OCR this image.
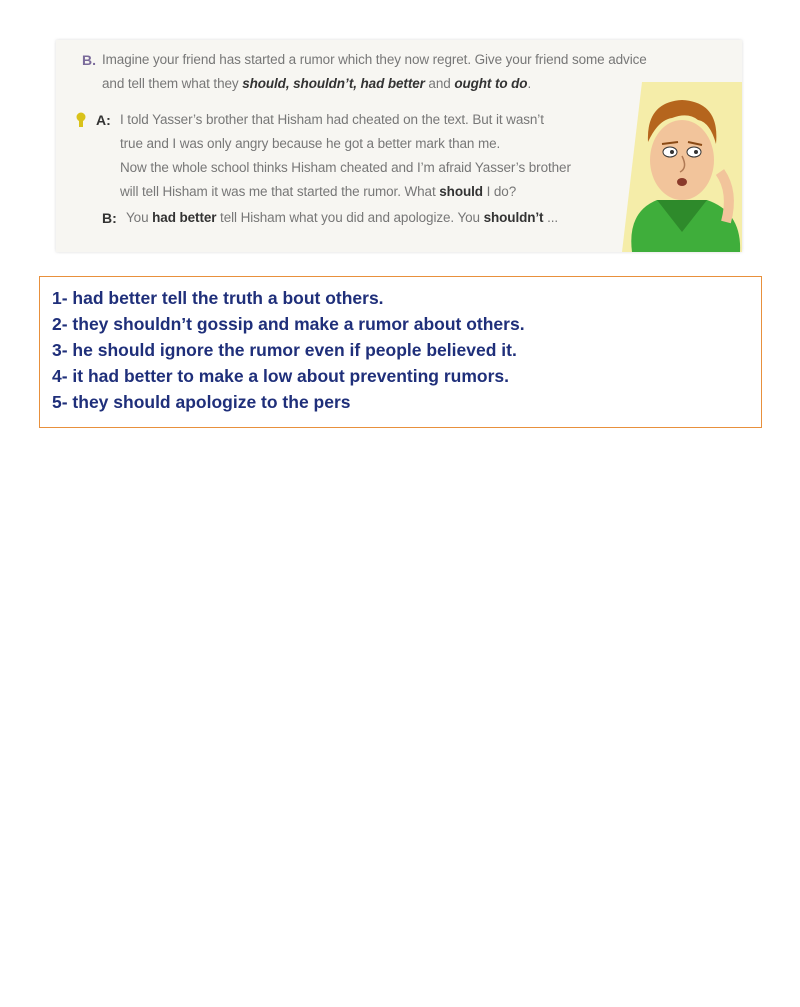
B. Imagine your friend has started a rumor which they now regret. Give your friend some advice
and tell them what they should, shouldn’t, had better and ought to do.
A: I told Yasser’s brother that Hisham had cheated on the text. But it wasn’t
true and I was only angry because he got a better mark than me.
Now the whole school thinks Hisham cheated and I’m afraid Yasser’s brother
will tell Hisham it was me that started the rumor. What should I do?
B: You had better tell Hisham what you did and apologize. You shouldn’t ...
1- had better tell the truth a bout others.
2- they shouldn’t gossip and make a rumor about others.
3- he should ignore the rumor even if people believed it.
4- it had better to make a low about preventing rumors.
5- they should apologize to the pers
